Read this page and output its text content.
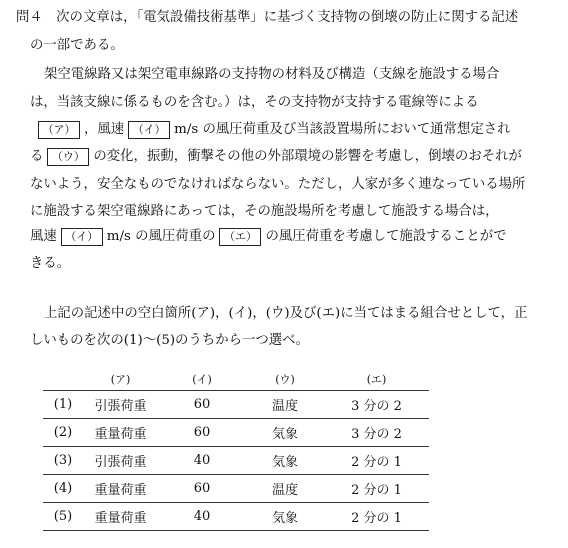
問４　次の文章は，「電気設備技術基準」に基づく支持物の倒壊の防止に関する記述
の一部である。
架空電線路又は架空電車線路の支持物の材料及び構造（支線を施設する場合
は，当該支線に係るものを含む。）は，その支持物が支持する電線等による
（ア） ，風速 （イ） m/s の風圧荷重及び当該設置場所において通常想定され
る （ウ） の変化，振動，衝撃その他の外部環境の影響を考慮し，倒壊のおそれが
ないよう，安全なものでなければならない。ただし，人家が多く連なっている場所
に施設する架空電線路にあっては，その施設場所を考慮して施設する場合は，
風速 （イ） m/s の風圧荷重の （エ） の風圧荷重を考慮して施設することがで
きる。
上記の記述中の空白箇所(ア)，(イ)，(ウ)及び(エ)に当てはまる組合せとして，正
しいものを次の(1)～(5)のうちから一つ選べ。
	(ア)	(イ)	(ウ)	(エ)
(1)	引張荷重	60	温度	3 分の 2
(2)	重量荷重	60	気象	3 分の 2
(3)	引張荷重	40	気象	2 分の 1
(4)	重量荷重	60	温度	2 分の 1
(5)	重量荷重	40	気象	2 分の 1
